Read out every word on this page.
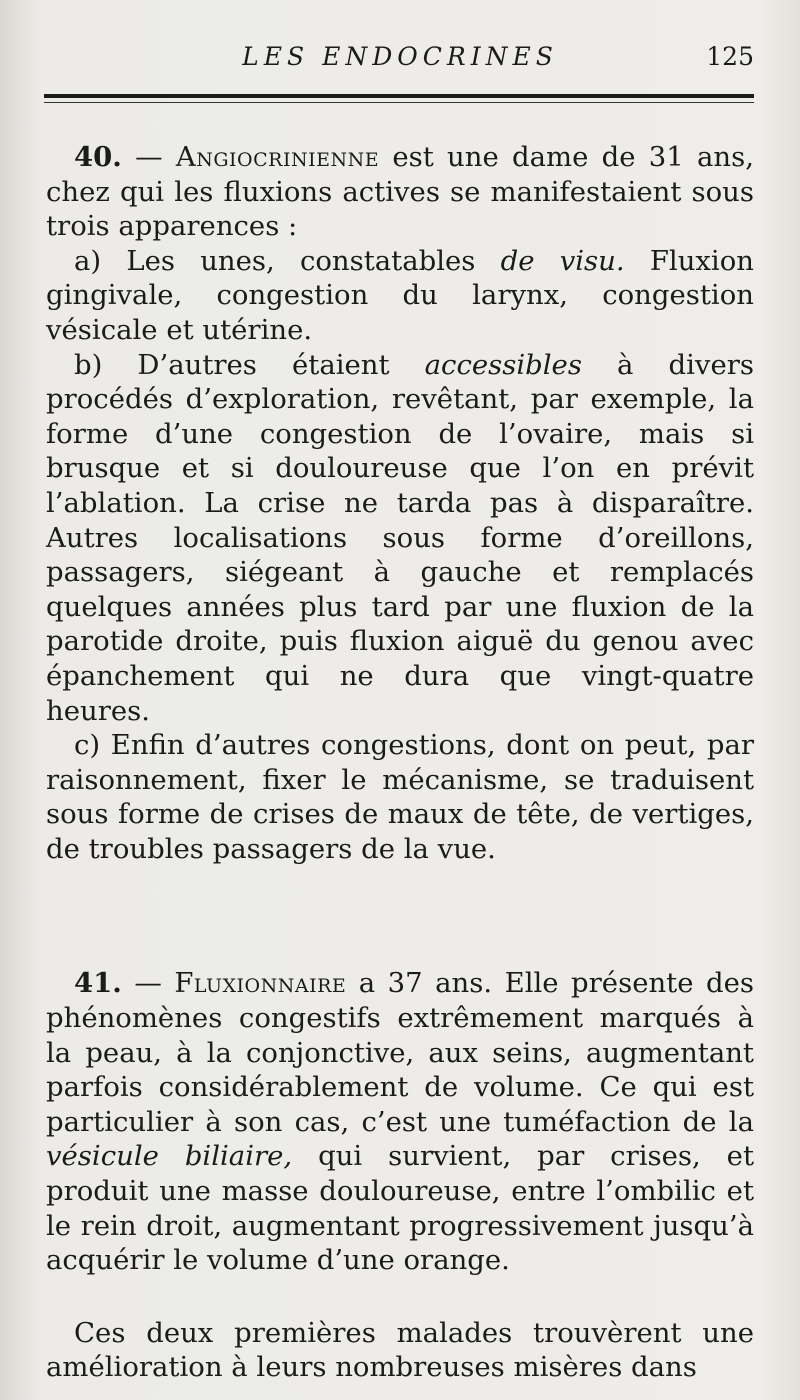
LES ENDOCRINES	125

40. — Angiocrinienne est une dame de 31 ans, chez qui les fluxions actives se manifestaient sous trois apparences :

a) Les unes, constatables de visu. Fluxion gingivale, congestion du larynx, congestion vésicale et utérine.

b) D’autres étaient accessibles à divers procédés d’exploration, revêtant, par exemple, la forme d’une congestion de l’ovaire, mais si brusque et si douloureuse que l’on en prévit l’ablation. La crise ne tarda pas à disparaître. Autres localisations sous forme d’oreillons, passagers, siégeant à gauche et remplacés quelques années plus tard par une fluxion de la parotide droite, puis fluxion aiguë du genou avec épanchement qui ne dura que vingt-quatre heures.

c) Enfin d’autres congestions, dont on peut, par raisonnement, fixer le mécanisme, se traduisent sous forme de crises de maux de tête, de vertiges, de troubles passagers de la vue.

41. — Fluxionnaire a 37 ans. Elle présente des phénomènes congestifs extrêmement marqués à la peau, à la conjonctive, aux seins, augmentant parfois considérablement de volume. Ce qui est particulier à son cas, c’est une tuméfaction de la vésicule biliaire, qui survient, par crises, et produit une masse douloureuse, entre l’ombilic et le rein droit, augmentant progressivement jusqu’à acquérir le volume d’une orange.

Ces deux premières malades trouvèrent une amélioration à leurs nombreuses misères dans
